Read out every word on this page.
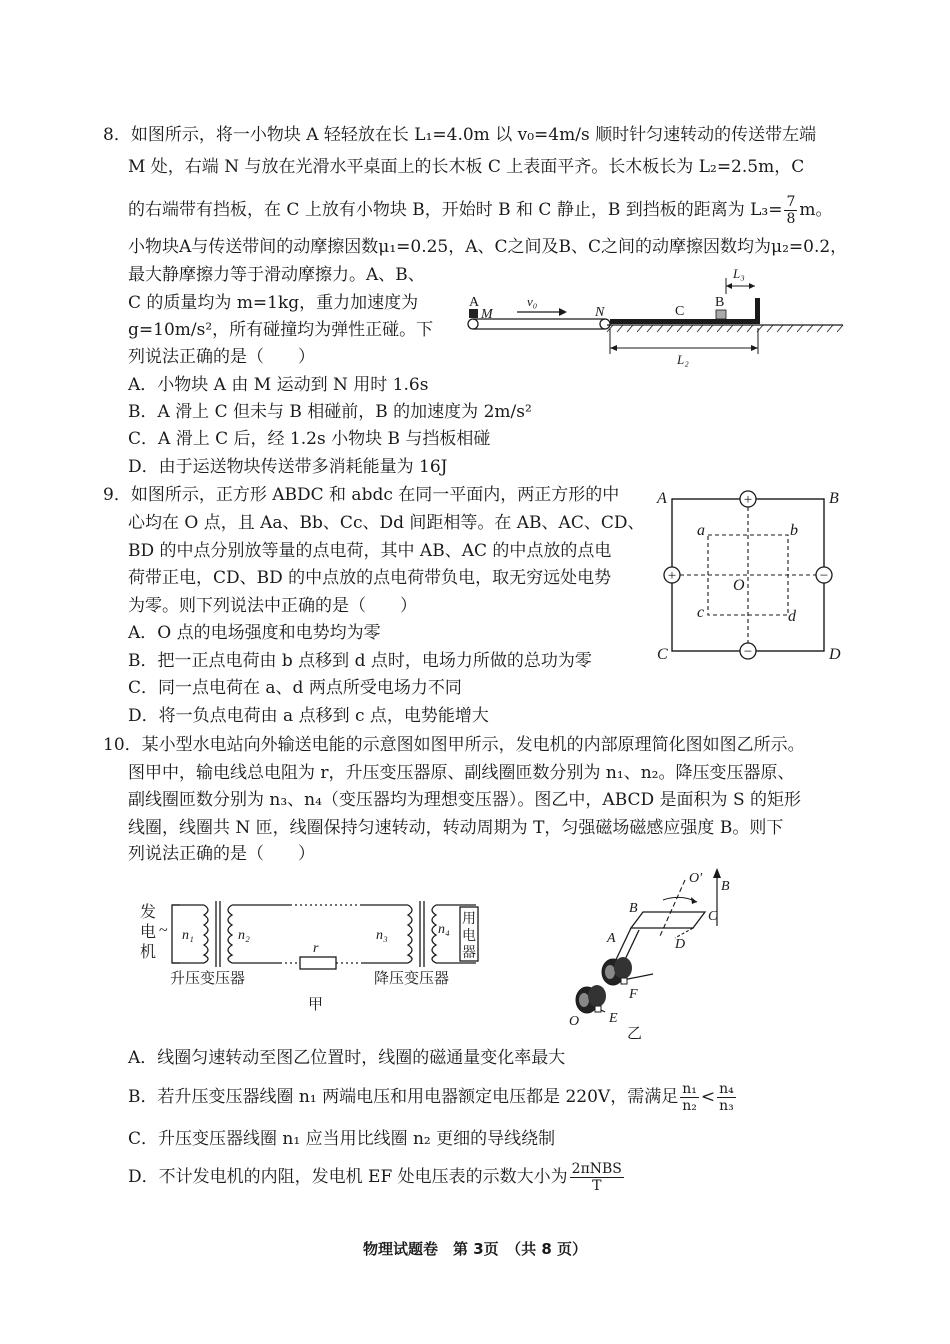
8．如图所示，将一小物块 A 轻轻放在长 L₁=4.0m 以 v₀=4m/s 顺时针匀速转动的传送带左端
M 处，右端 N 与放在光滑水平桌面上的长木板 C 上表面平齐。长木板长为 L₂=2.5m，C
的右端带有挡板，在 C 上放有小物块 B，开始时 B 和 C 静止，B 到挡板的距离为 $L_3= \frac{7}{8}$ m。
小物块A与传送带间的动摩擦因数μ₁=0.25，A、C之间及B、C之间的动摩擦因数均为μ₂=0.2，
最大静摩擦力等于滑动摩擦力。A、B、
C 的质量均为 m=1kg，重力加速度为
g=10m/s²，所有碰撞均为弹性正碰。下
列说法正确的是（　　）
A．小物块 A 由 M 运动到 N 用时 1.6s
B．A 滑上 C 但未与 B 相碰前，B 的加速度为 2m/s²
C．A 滑上 C 后，经 1.2s 小物块 B 与挡板相碰
D．由于运送物块传送带多消耗能量为 16J
A
M
v₀
N	C
B
L₃
L₂
9．如图所示，正方形 ABDC 和 abdc 在同一平面内，两正方形的中
心均在 O 点，且 Aa、Bb、Cc、Dd 间距相等。在 AB、AC、CD、
BD 的中点分别放等量的点电荷，其中 AB、AC 的中点放的点电
荷带正电，CD、BD 的中点放的点电荷带负电，取无穷远处电势
为零。则下列说法中正确的是（　　）
A．O 点的电场强度和电势均为零
B．把一正点电荷由 b 点移到 d 点时，电场力所做的总功为零
C．同一点电荷在 a、d 两点所受电场力不同
D．将一负点电荷由 a 点移到 c 点，电势能增大
+
+	−
−
A	B
C	D
a	b
c	d
O
10．某小型水电站向外输送电能的示意图如图甲所示，发电机的内部原理简化图如图乙所示。
图甲中，输电线总电阻为 r，升压变压器原、副线圈匝数分别为 n₁、n₂。降压变压器原、
副线圈匝数分别为 n₃、n₄（变压器均为理想变压器）。图乙中，ABCD 是面积为 S 的矩形
线圈，线圈共 N 匝，线圈保持匀速转动，转动周期为 T，匀强磁场磁感应强度 B。则下
列说法正确的是（　　）
发
电
机
~ n₁	n₂
r
n₃	n₄
用
电
器
升压变压器	降压变压器
甲
B
O′
B
C
A	D
F
E
O
乙
A．线圈匀速转动至图乙位置时，线圈的磁通量变化率最大
B．若升压变压器线圈 n₁ 两端电压和用电器额定电压都是 220V，需满足 $\frac{\text{n₁}}{\text{n₂}} < \frac{\text{n₄}}{\text{n₃}}$
C．升压变压器线圈 n₁ 应当用比线圈 n₂ 更细的导线绕制
D．不计发电机的内阻，发电机 EF 处电压表的示数大小为 $\frac{\text{2πNBS}}{T}$
物理试题卷　第 3页　（共 8 页）
